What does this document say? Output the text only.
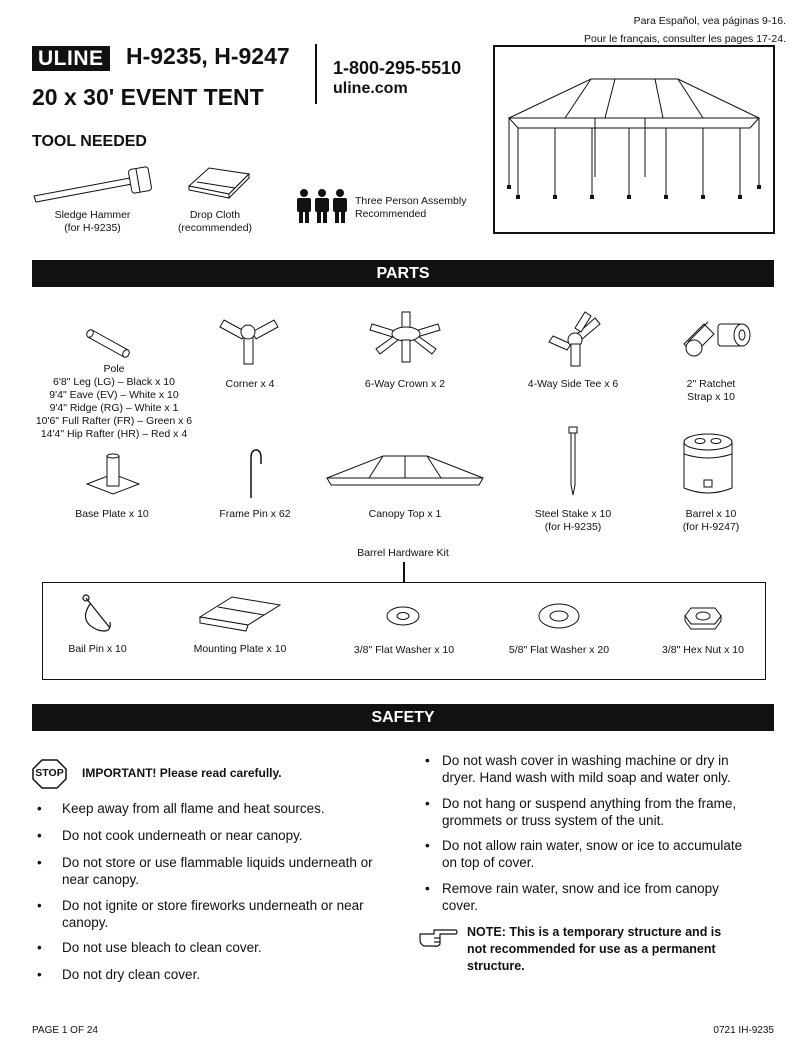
Para Español, vea páginas 9-16.
Pour le français, consulter les pages 17-24.
ULINE H-9235, H-9247
20 x 30' EVENT TENT
1-800-295-5510
uline.com
TOOL NEEDED
Sledge Hammer
(for H-9235)
Drop Cloth
(recommended)
Three Person Assembly
Recommended
PARTS
Pole
6'8" Leg (LG) – Black x 10
9'4" Eave (EV) – White x 10
9'4" Ridge (RG) – White x 1
10'6" Full Rafter (FR) – Green x 6
14'4" Hip Rafter (HR) – Red x 4
Corner x 4	6-Way Crown x 2	4-Way Side Tee x 6	2" Ratchet
Strap x 10
Base Plate x 10	Frame Pin x 62	Canopy Top x 1	Steel Stake x 10
(for H-9235)
Barrel x 10
(for H-9247)
Barrel Hardware Kit
Bail Pin x 10	Mounting Plate x 10	3/8" Flat Washer x 10	5/8" Flat Washer x 20	3/8" Hex Nut x 10
SAFETY
STOP IMPORTANT! Please read carefully.
• Keep away from all flame and heat sources.
• Do not cook underneath or near canopy.
• Do not store or use flammable liquids underneath or
near canopy.
• Do not ignite or store fireworks underneath or near
canopy.
• Do not use bleach to clean cover.
• Do not dry clean cover.
• Do not wash cover in washing machine or dry in
dryer. Hand wash with mild soap and water only.
• Do not hang or suspend anything from the frame,
grommets or truss system of the unit.
• Do not allow rain water, snow or ice to accumulate
on top of cover.
• Remove rain water, snow and ice from canopy
cover.
NOTE: This is a temporary structure and is
not recommended for use as a permanent
structure.
PAGE 1 OF 24	0721 IH-9235
